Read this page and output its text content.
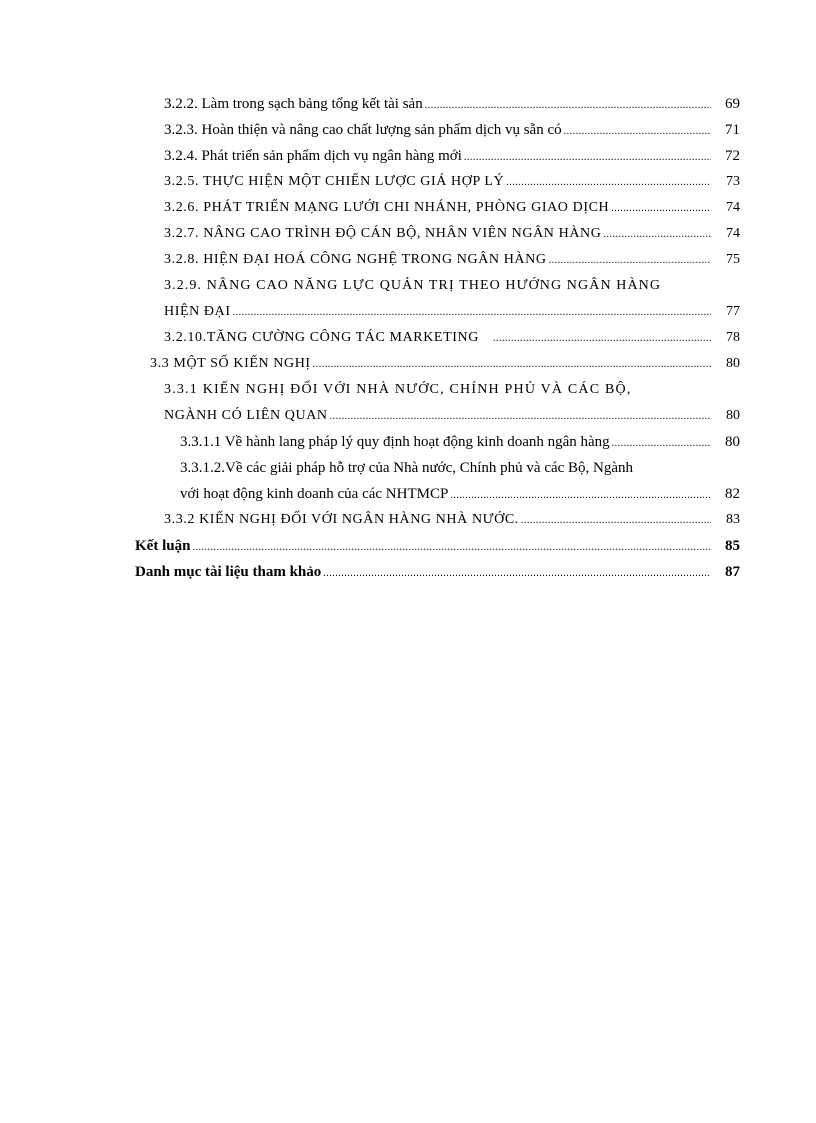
3.2.2. Làm trong sạch bảng tổng kết tài sản .....	69
3.2.3. Hoàn thiện và nâng cao chất lượng sản phẩm dịch vụ sẵn có .....	71
3.2.4. Phát triển sản phẩm dịch vụ ngân hàng mới .....	72
3.2.5. THỰC HIỆN MỘT CHIẾN LƯỢC GIÁ HỢP LÝ .....	73
3.2.6. PHÁT TRIỂN MẠNG LƯỚI CHI NHÁNH, PHÒNG GIAO DỊCH .....	74
3.2.7. NÂNG CAO TRÌNH ĐỘ CÁN BỘ, NHÂN VIÊN NGÂN HÀNG .....	74
3.2.8. HIỆN ĐẠI HOÁ CÔNG NGHỆ TRONG NGÂN HÀNG .....	75
3.2.9. NÂNG CAO NĂNG LỰC QUẢN TRỊ THEO HƯỚNG NGÂN HÀNG
HIỆN ĐẠI .....	77
3.2.10.TĂNG CƯỜNG CÔNG TÁC MARKETING .....	78
3.3 MỘT SỐ KIẾN NGHỊ .....	80
3.3.1 KIẾN NGHỊ ĐỐI VỚI NHÀ NƯỚC, CHÍNH PHỦ VÀ CÁC BỘ,
NGÀNH CÓ LIÊN QUAN .....	80
3.3.1.1 Về hành lang pháp lý quy định hoạt động kinh doanh ngân hàng .....	80
3.3.1.2.Về các giải pháp hỗ trợ của Nhà nước, Chính phủ và các Bộ, Ngành
với hoạt động kinh doanh của các NHTMCP .....	82
3.3.2 KIẾN NGHỊ ĐỐI VỚI NGÂN HÀNG NHÀ NƯỚC. .....	83
Kết luận .....	85
Danh mục tài liệu tham khảo .....	87
